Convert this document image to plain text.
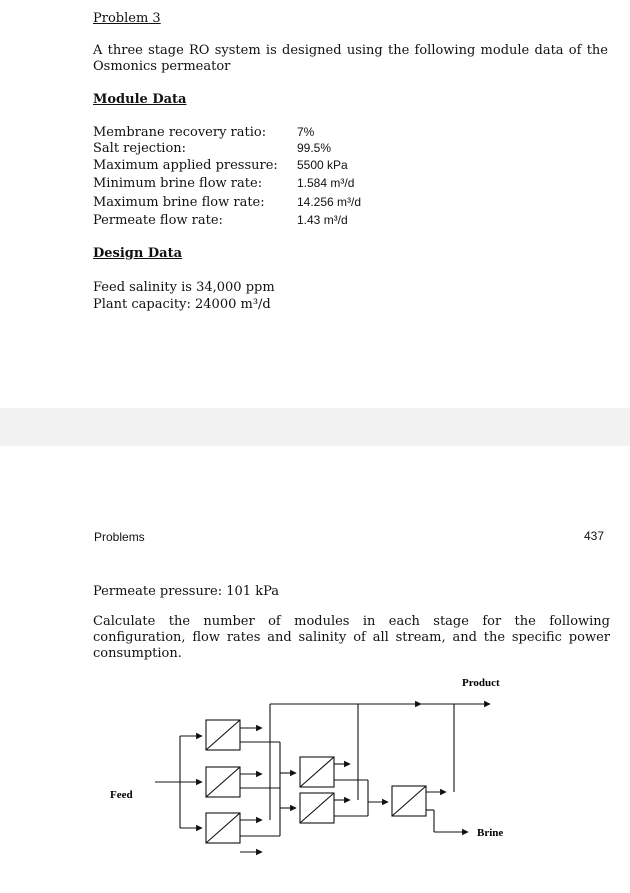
Problem 3
A three stage RO system is designed using the following module data of the Osmonics permeator
Module Data
Membrane recovery ratio:	7%
Salt rejection:	99.5%
Maximum applied pressure: 5500 kPa
Minimum brine flow rate:	1.584 m³/d
Maximum brine flow rate:	14.256 m³/d
Permeate flow rate:	1.43 m³/d
Design Data
Feed salinity is 34,000 ppm
Plant capacity: 24000 m³/d
Problems	437
Permeate pressure: 101 kPa
Calculate the number of modules in each stage for the following configuration, flow rates and salinity of all stream, and the specific power consumption.
Product
Feed
Brine
